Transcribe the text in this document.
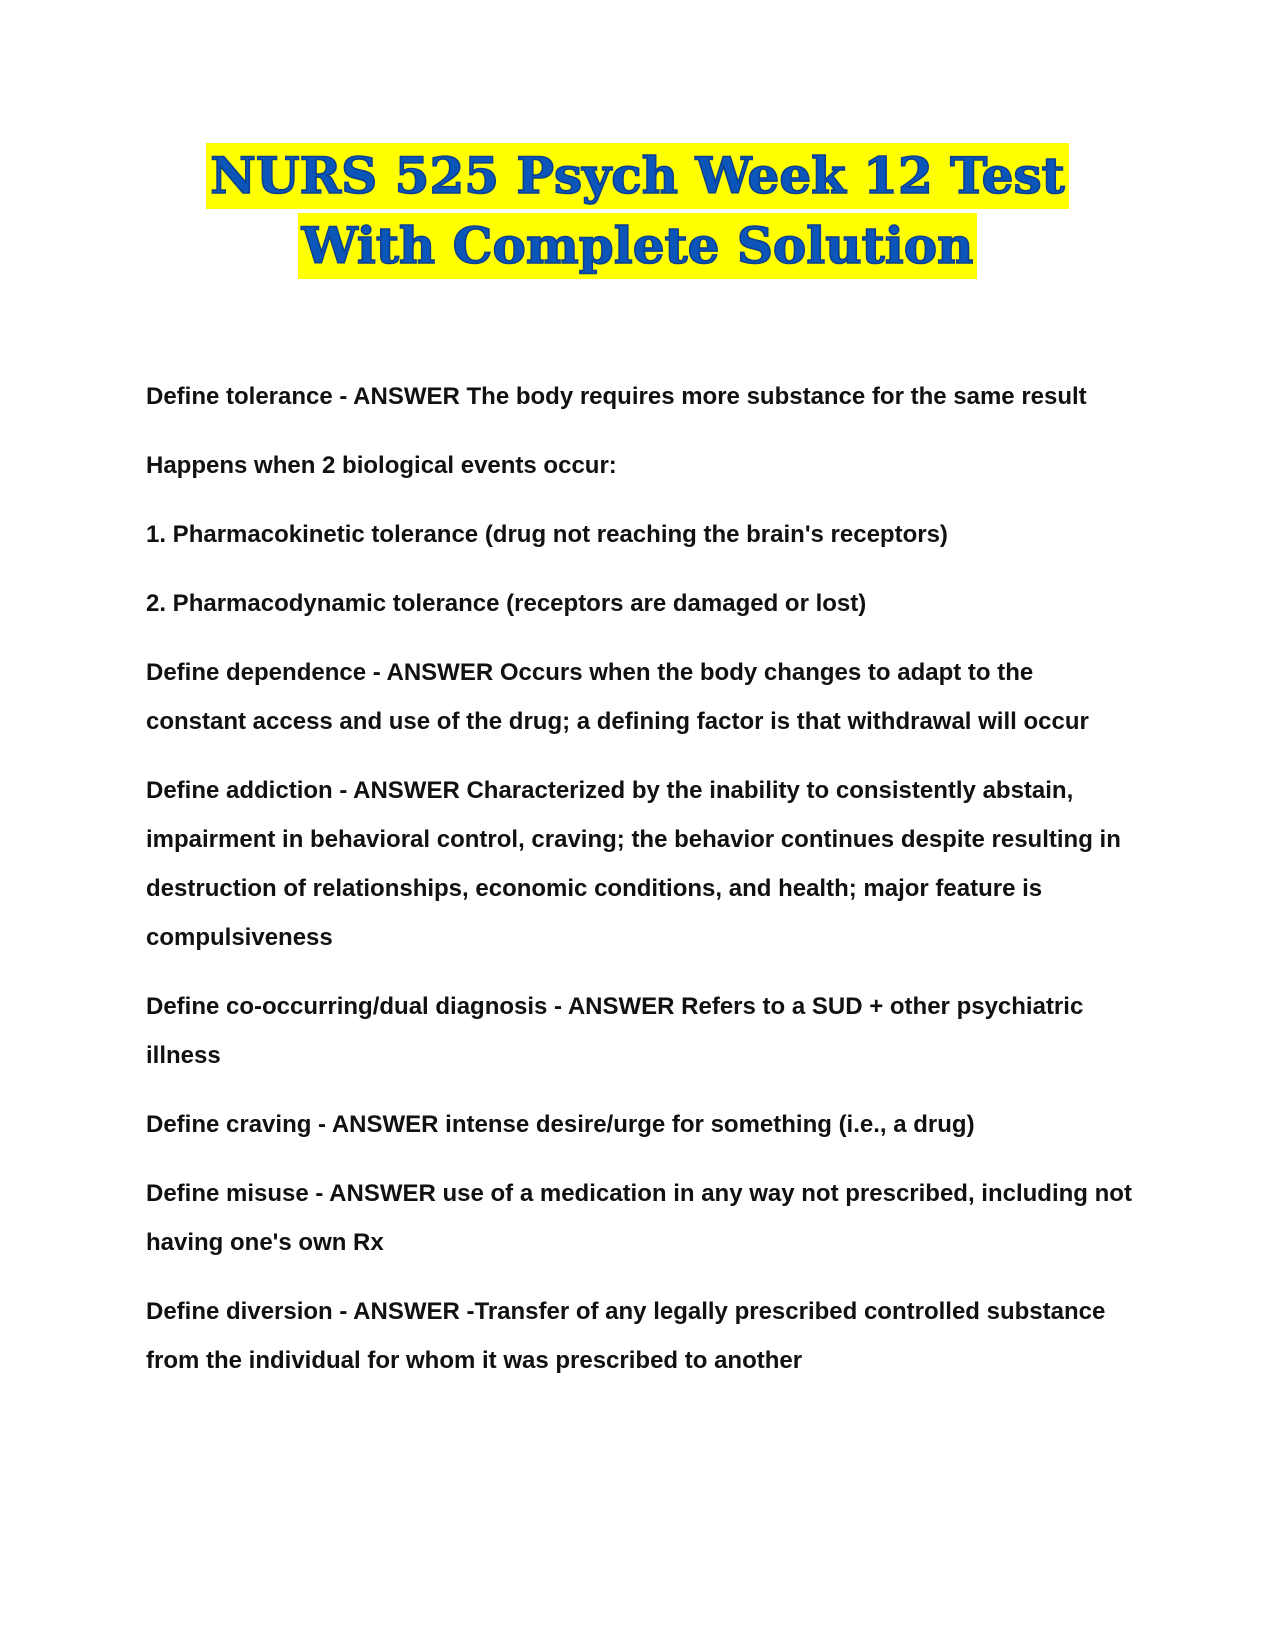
NURS 525 Psych Week 12 Test
With Complete Solution

Define tolerance - ANSWER The body requires more substance for the same result

Happens when 2 biological events occur:

1. Pharmacokinetic tolerance (drug not reaching the brain's receptors)

2. Pharmacodynamic tolerance (receptors are damaged or lost)

Define dependence - ANSWER Occurs when the body changes to adapt to the constant access and use of the drug; a defining factor is that withdrawal will occur

Define addiction - ANSWER Characterized by the inability to consistently abstain, impairment in behavioral control, craving; the behavior continues despite resulting in destruction of relationships, economic conditions, and health; major feature is compulsiveness

Define co-occurring/dual diagnosis - ANSWER Refers to a SUD + other psychiatric illness

Define craving - ANSWER intense desire/urge for something (i.e., a drug)

Define misuse - ANSWER use of a medication in any way not prescribed, including not having one's own Rx

Define diversion - ANSWER -Transfer of any legally prescribed controlled substance from the individual for whom it was prescribed to another
